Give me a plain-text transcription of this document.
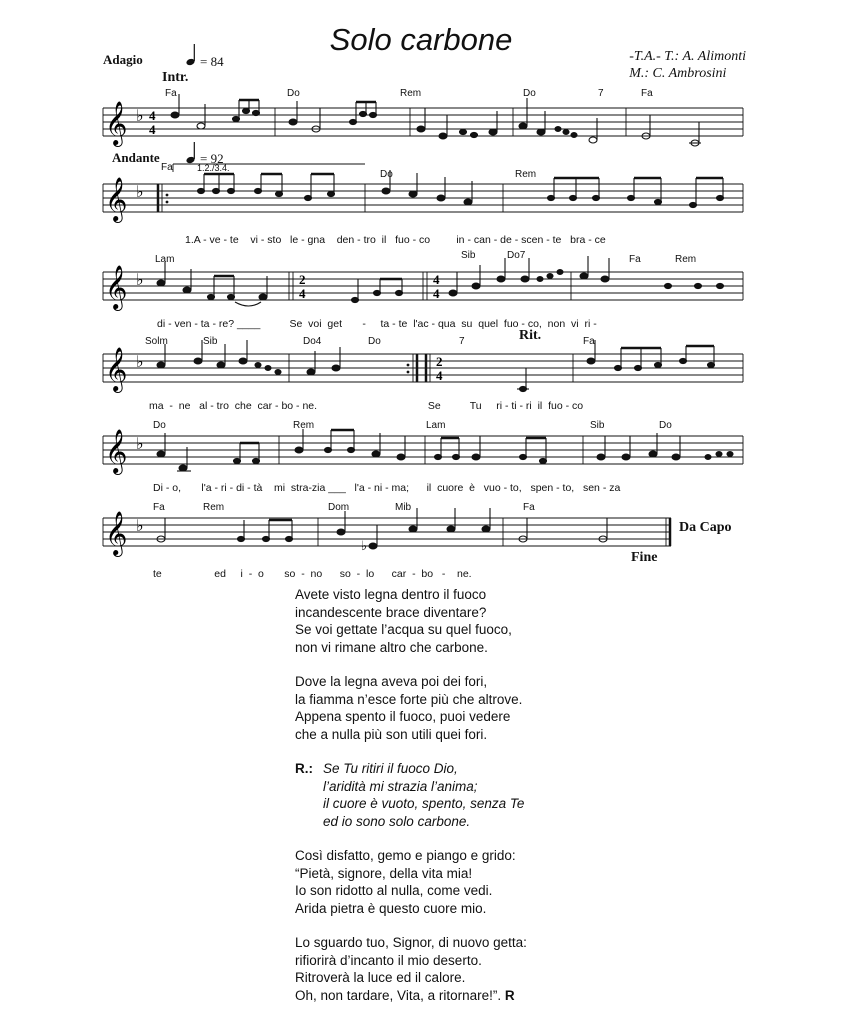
Solo carbone	-T.A.- T.: A. Alimonti
M.: C. Ambrosini
Adagio	= 84
Intr.
Andante	= 92
𝄞 ♭ 4
4
Fa	Do	Rem	Do	7	Fa
𝄞 ♭
Fa	1.2./3.4.
Do	Rem
1.A - ve - te    vi - sto   le - gna    den - tro  il   fuo - co         in - can - de - scen - te   bra - ce
𝄞 ♭	2
4
4
4
Lam	Sib	Do7	Fa	Rem
di - ven - ta - re? ____          Se  voi  get       -     ta - te  l'ac - qua  su  quel  fuo - co,  non  vi  ri -
𝄞 ♭	2
4
Solm	Sib	Do4	Do	7	Rit.	Fa
ma  -  ne   al - tro  che  car - bo - ne.                                      Se          Tu     ri - ti - ri  il  fuo - co
𝄞 ♭
Do	Rem	Lam	Sib	Do
Di - o,       l'a - ri - di - tà    mi  stra-zia ___   l'a - ni - ma;      il  cuore  è   vuo - to,   spen - to,   sen - za
𝄞 ♭
♭
Fa	Rem	Dom	Mib	Fa
Da Capo
Fine
te                  ed     i  -  o       so  -  no      so  -  lo      car  -  bo   -    ne.
Avete visto legna dentro il fuoco
incandescente brace diventare?
Se voi gettate l’acqua su quel fuoco,
non vi rimane altro che carbone.
Dove la legna aveva poi dei fori,
la fiamma n’esce forte più che altrove.
Appena spento il fuoco, puoi vedere
che a nulla più son utili quei fori.
R.: Se Tu ritiri il fuoco Dio,
l’aridità mi strazia l’anima;
il cuore è vuoto, spento, senza Te
ed io sono solo carbone.
Così disfatto, gemo e piango e grido:
“Pietà, signore, della vita mia!
Io son ridotto al nulla, come vedi.
Arida pietra è questo cuore mio.
Lo sguardo tuo, Signor, di nuovo getta:
rifiorirà d’incanto il mio deserto.
Ritroverà la luce ed il calore.
Oh, non tardare, Vita, a ritornare!”. R
